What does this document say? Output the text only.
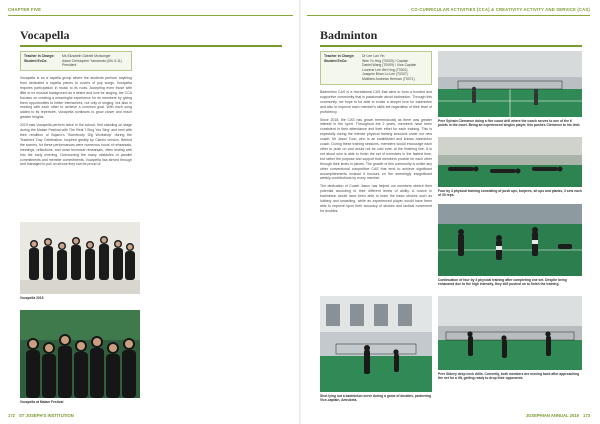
CHAPTER FIVE	CO-CURRICULAR ACTIVITIES (CCA) & CREATIVITY ACTIVITY AND SERVICE (CAS)
Vocapella
Teacher in Charge:
Student ExCo:
Ms Elizabeth Gabriel Moissinger
Adam Christopher Yamamoto (IBL 5.11)
President

Vocapella is an a capella group where the students perform anything from dedicated a capella pieces to covers of pop songs. Vocapella requires participation in music to its roots. Accepting even those with little or no musical background as a desire and love for singing, the CCA focuses on creating a meaningful experience for its members by giving them opportunities to better themselves, not only in singing, but also in working with each other to achieve a common goal. With each song added to its repertoire, Vocapella continues to grow closer and reach greater heights.

2019 saw Vocapella perform twice in the school, first standing on stage during the Malam Festival with The Real 'I Sing You Sing' and next with their rendition of Bojano's 'Somebody Dig Workshop' during the Teachers' Day Celebration. Inspired greatly by Clara's version. Behind the scenes, for these performances were numerous hours of rehearsals, meetings, reflections, and close technical rehearsals, often testing well into the early morning. Overcoming the many obstacles of parallel commitments and member commitments, Vocapella has strived through and managed to pull on shows they can be proud of.

Vocapella 2019
Vocapella at Malam Festival
172 ST JOSEPH'S INSTITUTION
Badminton
Teacher in Charge:
Student ExCo:
Dr Lee Lan Yin
Wee Yu Hng (T0003) / Captain
Daniel Wang (T0009) / Vice-Captain
Lourens Lee Wei Hng (T0001)
Joaquim Brian Lo Lee (T0007)
Matthew Andrews Herman (T0071)

Badminton CAS is a recreational CAS that aims to form a bonded and supportive community that is passionate about badminton. Through this community, we hope to be able to evoke a deeper love for badminton and also to improve each member's skills set regardless of their level of proficiency.

Since 2018, the CAS has grown tremendously as there was greater interest in the sport. Throughout the 2 years, members have been consistent in their attendance and their effort for each training. This is especially during the intense physical training sessions under our new coach, Mr Jason Toon, who is an established and known badminton coach. During these training sessions, members would encourage each other to push on and would not be cold even at the finishing line. It is not about who is able to finish the set of exercises in the fastest time, but rather the purpose and support that members provide for each other through their times in pieces. The growth of this community is unlike any other conventional competitive CAS that tend to achieve significant accomplishments instead it focuses on the seemingly insignificant weekly contributions by every member.

The dedication of Coach Jason has helped our members stretch their potential according to their different levels of ability. A novice in badminton would have been able to learn the basic strokes such as lobbing and smashing, while an experienced player would have been able to improve upon their accuracy of strokes and tactical movement for doubles.

Peer Sylvain Clemence doing a five count drill where the coach serves to one of the 6 points in the court. Being an experienced singles player, this pushes Clemence to his limit.
Four by 4 physical training consisting of push ups, burpees, sit ups and planks, 3 sets each of 30 reps.
Continuation of four by 4 physical training after completing one set. Despite being exhausted due to the high intensity, they still pushed on to finish the training.
Shot lying out a badminton serve during a game of doubles, partnering Vice-captain, Amrubela.
Peer Sidney deep neck drills. Currently, both members are moving back after approaching the net for a lift, getting ready to drop their opponents.
JOSEPHIAN ANNUAL 2019 173
